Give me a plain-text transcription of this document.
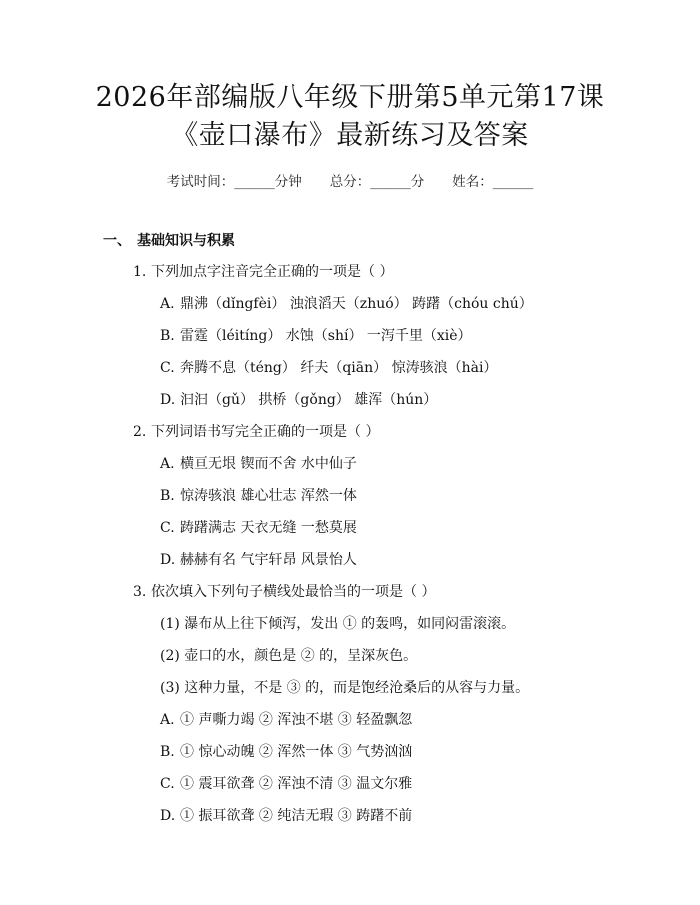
2026年部编版八年级下册第5单元第17课
《壶口瀑布》最新练习及答案
考试时间：______分钟 总分：______分 姓名：______
一、 基础知识与积累
1. 下列加点字注音完全正确的一项是（ ）
A. 鼎沸（dǐngfèi） 浊浪滔天（zhuó） 踌躇（chóu chú）
B. 雷霆（léitíng） 水蚀（shí） 一泻千里（xiè）
C. 奔腾不息（téng） 纤夫（qiān） 惊涛骇浪（hài）
D. 汩汩（gǔ） 拱桥（gǒng） 雄浑（hún）
2. 下列词语书写完全正确的一项是（ ）
A. 横亘无垠 锲而不舍 水中仙子
B. 惊涛骇浪 雄心壮志 浑然一体
C. 踌躇满志 天衣无缝 一愁莫展
D. 赫赫有名 气宇轩昂 风景怡人
3. 依次填入下列句子横线处最恰当的一项是（ ）
(1) 瀑布从上往下倾泻，发出 ① 的轰鸣，如同闷雷滚滚。
(2) 壶口的水，颜色是 ② 的，呈深灰色。
(3) 这种力量，不是 ③ 的，而是饱经沧桑后的从容与力量。
A. ① 声嘶力竭 ② 浑浊不堪 ③ 轻盈飘忽
B. ① 惊心动魄 ② 浑然一体 ③ 气势汹汹
C. ① 震耳欲聋 ② 浑浊不清 ③ 温文尔雅
D. ① 振耳欲聋 ② 纯洁无瑕 ③ 踌躇不前
